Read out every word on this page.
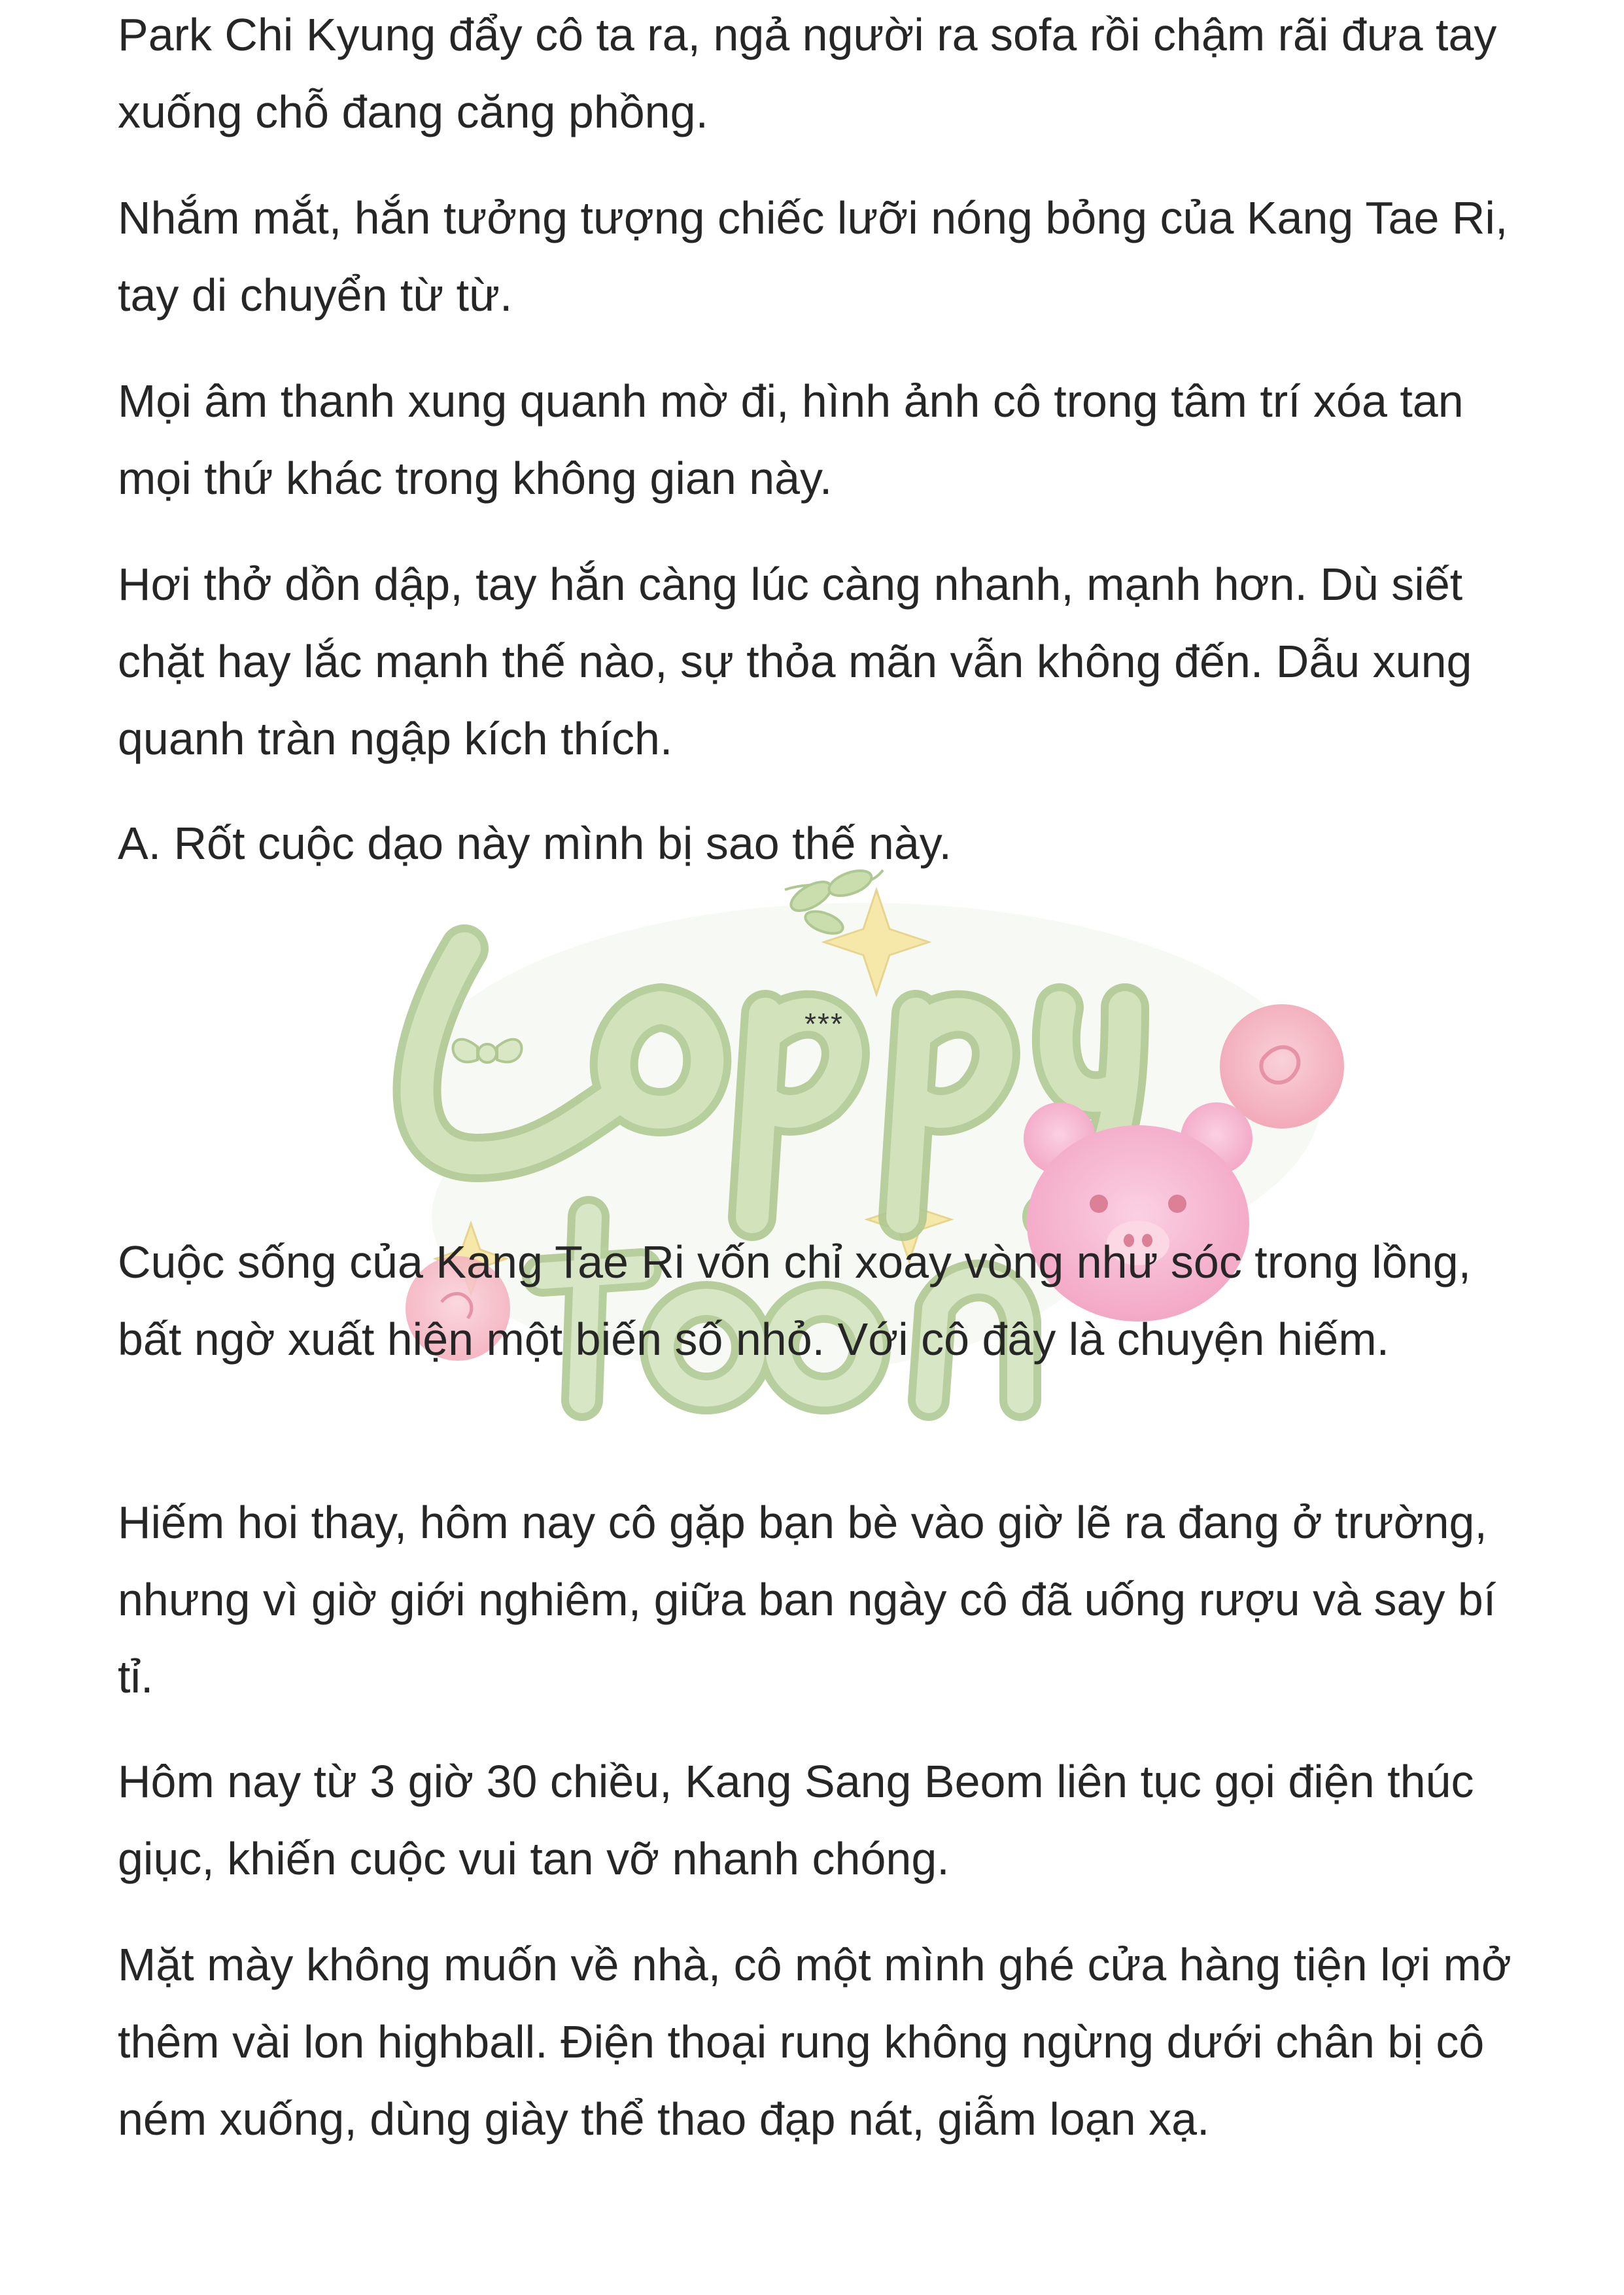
Park Chi Kyung đẩy cô ta ra, ngả người ra sofa rồi chậm rãi đưa tay xuống chỗ đang căng phồng.

Nhắm mắt, hắn tưởng tượng chiếc lưỡi nóng bỏng của Kang Tae Ri, tay di chuyển từ từ.

Mọi âm thanh xung quanh mờ đi, hình ảnh cô trong tâm trí xóa tan mọi thứ khác trong không gian này.

Hơi thở dồn dập, tay hắn càng lúc càng nhanh, mạnh hơn. Dù siết chặt hay lắc mạnh thế nào, sự thỏa mãn vẫn không đến. Dẫu xung quanh tràn ngập kích thích.

A. Rốt cuộc dạo này mình bị sao thế này.

***

Cuộc sống của Kang Tae Ri vốn chỉ xoay vòng như sóc trong lồng, bất ngờ xuất hiện một biến số nhỏ. Với cô đây là chuyện hiếm.

Hiếm hoi thay, hôm nay cô gặp bạn bè vào giờ lẽ ra đang ở trường, nhưng vì giờ giới nghiêm, giữa ban ngày cô đã uống rượu và say bí tỉ.

Hôm nay từ 3 giờ 30 chiều, Kang Sang Beom liên tục gọi điện thúc giục, khiến cuộc vui tan vỡ nhanh chóng.

Mặt mày không muốn về nhà, cô một mình ghé cửa hàng tiện lợi mở thêm vài lon highball. Điện thoại rung không ngừng dưới chân bị cô ném xuống, dùng giày thể thao đạp nát, giẫm loạn xạ.
